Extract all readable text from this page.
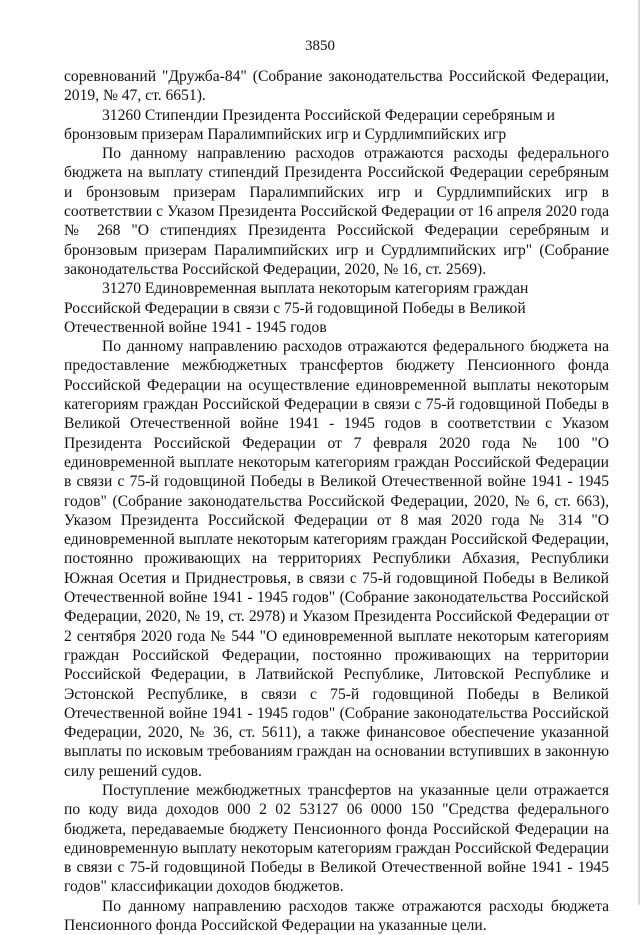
3850

соревнований "Дружба-84" (Собрание законодательства Российской Федерации, 2019, № 47, ст. 6651).

31260 Стипендии Президента Российской Федерации серебряным и бронзовым призерам Паралимпийских игр и Сурдлимпийских игр

По данному направлению расходов отражаются расходы федерального бюджета на выплату стипендий Президента Российской Федерации серебряным и бронзовым призерам Паралимпийских игр и Сурдлимпийских игр в соответствии с Указом Президента Российской Федерации от 16 апреля 2020 года № 268 "О стипендиях Президента Российской Федерации серебряным и бронзовым призерам Паралимпийских игр и Сурдлимпийских игр" (Собрание законодательства Российской Федерации, 2020, № 16, ст. 2569).

31270 Единовременная выплата некоторым категориям граждан Российской Федерации в связи с 75-й годовщиной Победы в Великой Отечественной войне 1941 - 1945 годов

По данному направлению расходов отражаются федерального бюджета на предоставление межбюджетных трансфертов бюджету Пенсионного фонда Российской Федерации на осуществление единовременной выплаты некоторым категориям граждан Российской Федерации в связи с 75-й годовщиной Победы в Великой Отечественной войне 1941 - 1945 годов в соответствии с Указом Президента Российской Федерации от 7 февраля 2020 года № 100 "О единовременной выплате некоторым категориям граждан Российской Федерации в связи с 75-й годовщиной Победы в Великой Отечественной войне 1941 - 1945 годов" (Собрание законодательства Российской Федерации, 2020, № 6, ст. 663), Указом Президента Российской Федерации от 8 мая 2020 года № 314 "О единовременной выплате некоторым категориям граждан Российской Федерации, постоянно проживающих на территориях Республики Абхазия, Республики Южная Осетия и Приднестровья, в связи с 75-й годовщиной Победы в Великой Отечественной войне 1941 - 1945 годов" (Собрание законодательства Российской Федерации, 2020, № 19, ст. 2978) и Указом Президента Российской Федерации от 2 сентября 2020 года № 544 "О единовременной выплате некоторым категориям граждан Российской Федерации, постоянно проживающих на территории Российской Федерации, в Латвийской Республике, Литовской Республике и Эстонской Республике, в связи с 75-й годовщиной Победы в Великой Отечественной войне 1941 - 1945 годов" (Собрание законодательства Российской Федерации, 2020, № 36, ст. 5611), а также финансовое обеспечение указанной выплаты по исковым требованиям граждан на основании вступивших в законную силу решений судов.

Поступление межбюджетных трансфертов на указанные цели отражается по коду вида доходов 000 2 02 53127 06 0000 150 "Средства федерального бюджета, передаваемые бюджету Пенсионного фонда Российской Федерации на единовременную выплату некоторым категориям граждан Российской Федерации в связи с 75-й годовщиной Победы в Великой Отечественной войне 1941 - 1945 годов" классификации доходов бюджетов.

По данному направлению расходов также отражаются расходы бюджета Пенсионного фонда Российской Федерации на указанные цели.
